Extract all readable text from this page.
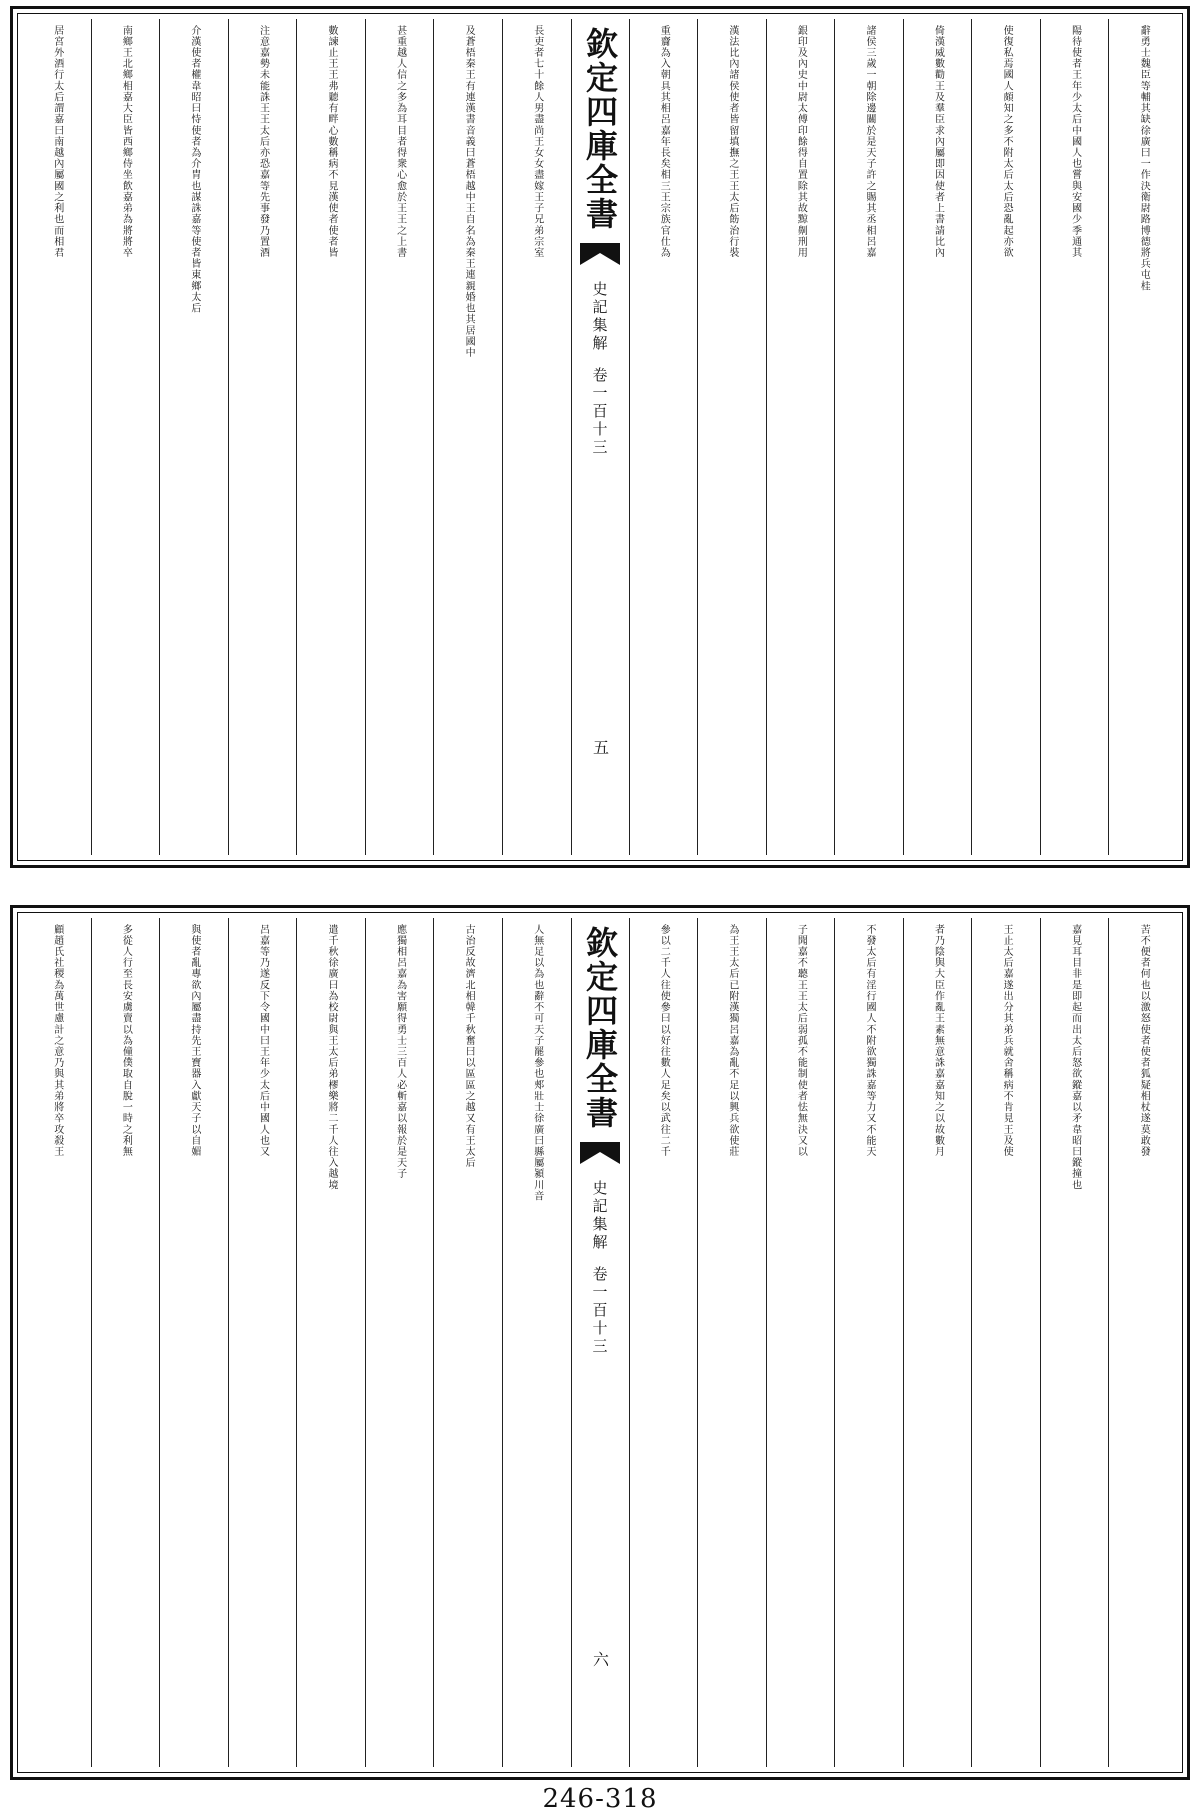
辭勇士魏臣等輔其缺徐廣曰一作決衛尉路博德將兵屯桂
陽待使者王年少太后中國人也嘗與安國少季通其
使復私焉國人頗知之多不附太后太后恐亂起亦欲
倚漢威數勸王及羣臣求內屬即因使者上書請比內
諸侯三歲一朝除邊關於是天子許之賜其丞相呂嘉
銀印及內史中尉太傅印餘得自置除其故黥劓刑用
漢法比內諸侯使者皆留填撫之王王太后飭治行裝
重齎為入朝具其相呂嘉年長矣相三王宗族官仕為
欽定四庫全書
史記集解
卷一百十三
五
長吏者七十餘人男盡尚王女女盡嫁王子兄弟宗室
及蒼梧秦王有連漢書音義曰蒼梧越中王自名為秦王連親婚也其居國中
甚重越人信之多為耳目者得衆心愈於王王之上書
數諫止王王弗聽有畔心數稱病不見漢使者使者皆
注意嘉勢未能誅王王太后亦恐嘉等先事發乃置酒
介漢使者權韋昭曰恃使者為介胄也謀誅嘉等使者皆東鄉太后
南鄉王北鄉相嘉大臣皆西鄉侍坐飲嘉弟為將將卒
居宮外酒行太后謂嘉曰南越內屬國之利也而相君
苦不便者何也以激怒使者使者狐疑相杖遂莫敢發
嘉見耳目非是即起而出太后怒欲鏦嘉以矛韋昭曰鏦撞也
王止太后嘉遂出分其弟兵就舍稱病不肯見王及使
者乃陰與大臣作亂王素無意誅嘉嘉知之以故數月
不發太后有淫行國人不附欲獨誅嘉等力又不能天
子聞嘉不聽王王太后弱孤不能制使者怯無決又以
為王王太后已附漢獨呂嘉為亂不足以興兵欲使莊
參以二千人往使參曰以好往數人足矣以武往二千
欽定四庫全書
史記集解
卷一百十三
六
人無足以為也辭不可天子罷參也郟壯士徐廣曰縣屬潁川音
古治反故濟北相韓千秋奮曰以區區之越又有王太后
應獨相呂嘉為害願得勇士三百人必斬嘉以報於是天子
遣千秋徐廣曰為校尉與王太后弟樛樂將二千人往入越境
呂嘉等乃遂反下令國中曰王年少太后中國人也又
與使者亂專欲內屬盡持先王寶器入獻天子以自媚
多從人行至長安虜賣以為僮僕取自脫一時之利無
顧趙氏社稷為萬世慮計之意乃與其弟將卒攻殺王
246-318
